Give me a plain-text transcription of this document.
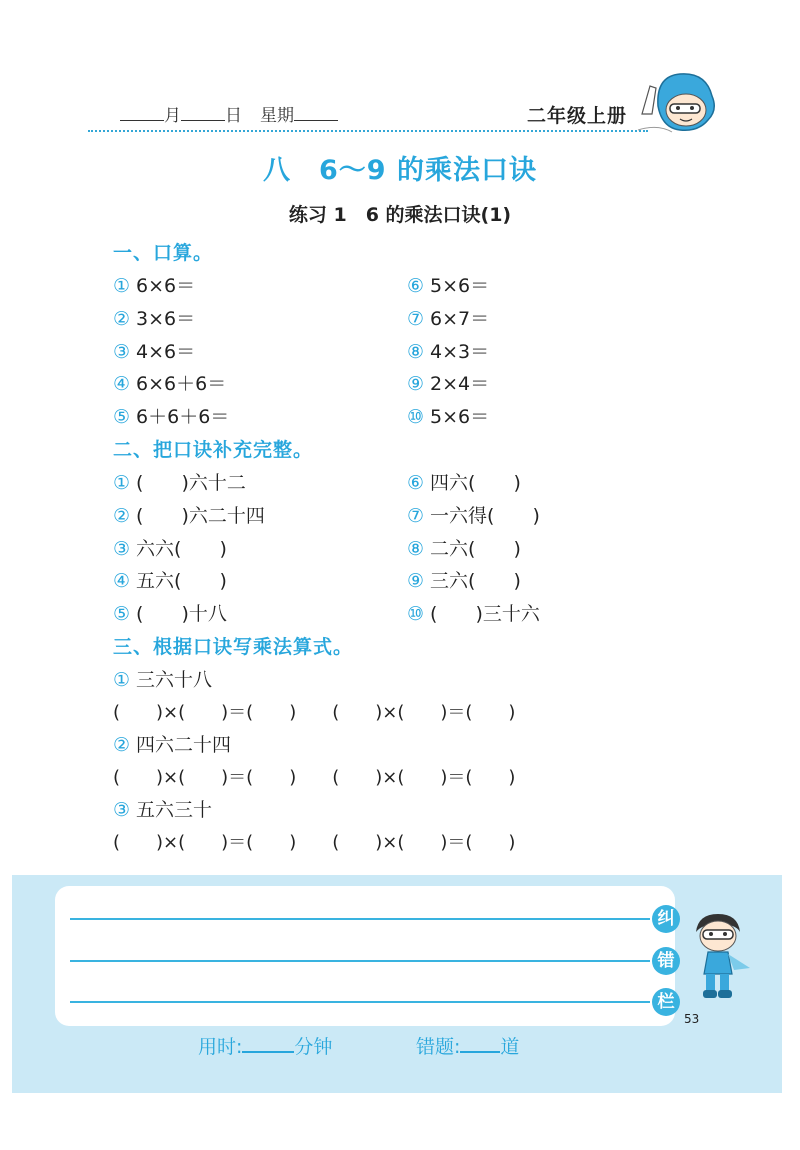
月	日 星期	二年级上册
八　6～9 的乘法口诀
练习 1　6 的乘法口诀(1)
一、口算。
① 6×6＝
② 3×6＝
③ 4×6＝
④ 6×6＋6＝
⑤ 6＋6＋6＝
⑥ 5×6＝
⑦ 6×7＝
⑧ 4×3＝
⑨ 2×4＝
⑩ 5×6＝
二、把口诀补充完整。
① (　　)六十二
② (　　)六二十四
③ 六六(　　)
④ 五六(　　)
⑤ (　　)十八
⑥ 四六(　　)
⑦ 一六得(　　)
⑧ 二六(　　)
⑨ 三六(　　)
⑩ (　　)三十六
三、根据口诀写乘法算式。
① 三六十八
(　　)×(　　)＝(　　)　　(　　)×(　　)＝(　　)
② 四六二十四
(　　)×(　　)＝(　　)　　(　　)×(　　)＝(　　)
③ 五六三十
(　　)×(　　)＝(　　)　　(　　)×(　　)＝(　　)
纠
错
栏
53
用时:	分钟	错题: 道
